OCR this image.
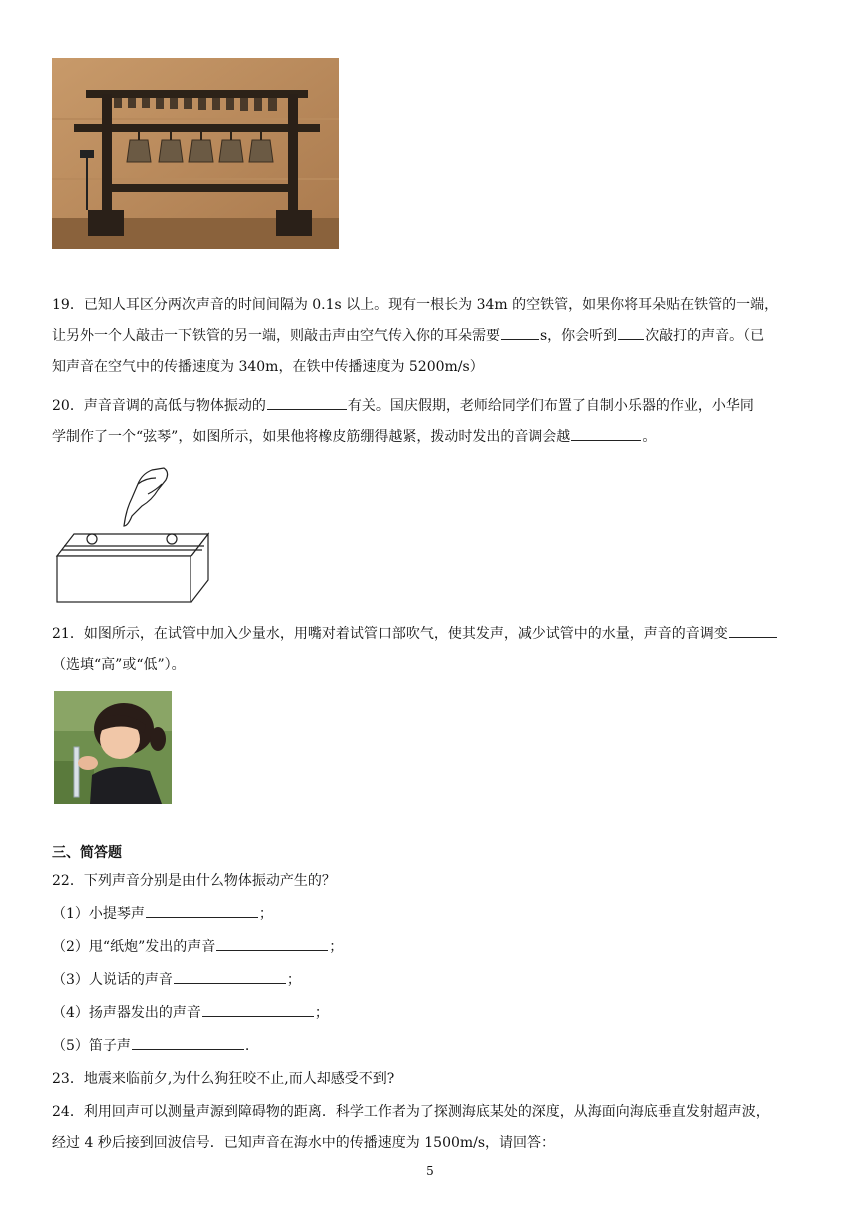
19．已知人耳区分两次声音的时间间隔为 0.1s 以上。现有一根长为 34m 的空铁管，如果你将耳朵贴在铁管的一端，

让另外一个人敲击一下铁管的另一端，则敲击声由空气传入你的耳朵需要	s，你会听到 次敲打的声音。（已

知声音在空气中的传播速度为 340m，在铁中传播速度为 5200m/s）

20．声音音调的高低与物体振动的	有关。国庆假期，老师给同学们布置了自制小乐器的作业，小华同

学制作了一个“弦琴”，如图所示，如果他将橡皮筋绷得越紧，拨动时发出的音调会越	。

21．如图所示，在试管中加入少量水，用嘴对着试管口部吹气，使其发声，减少试管中的水量，声音的音调变

（选填“高”或“低”）。

三、简答题

22．下列声音分别是由什么物体振动产生的？

（1）小提琴声	；

（2）甩“纸炮”发出的声音	；

（3）人说话的声音	；

（4）扬声器发出的声音	；

（5）笛子声	.

23．地震来临前夕,为什么狗狂咬不止,而人却感受不到?

24．利用回声可以测量声源到障碍物的距离．科学工作者为了探测海底某处的深度，从海面向海底垂直发射超声波，

经过 4 秒后接到回波信号．已知声音在海水中的传播速度为 1500m/s，请回答：

5
